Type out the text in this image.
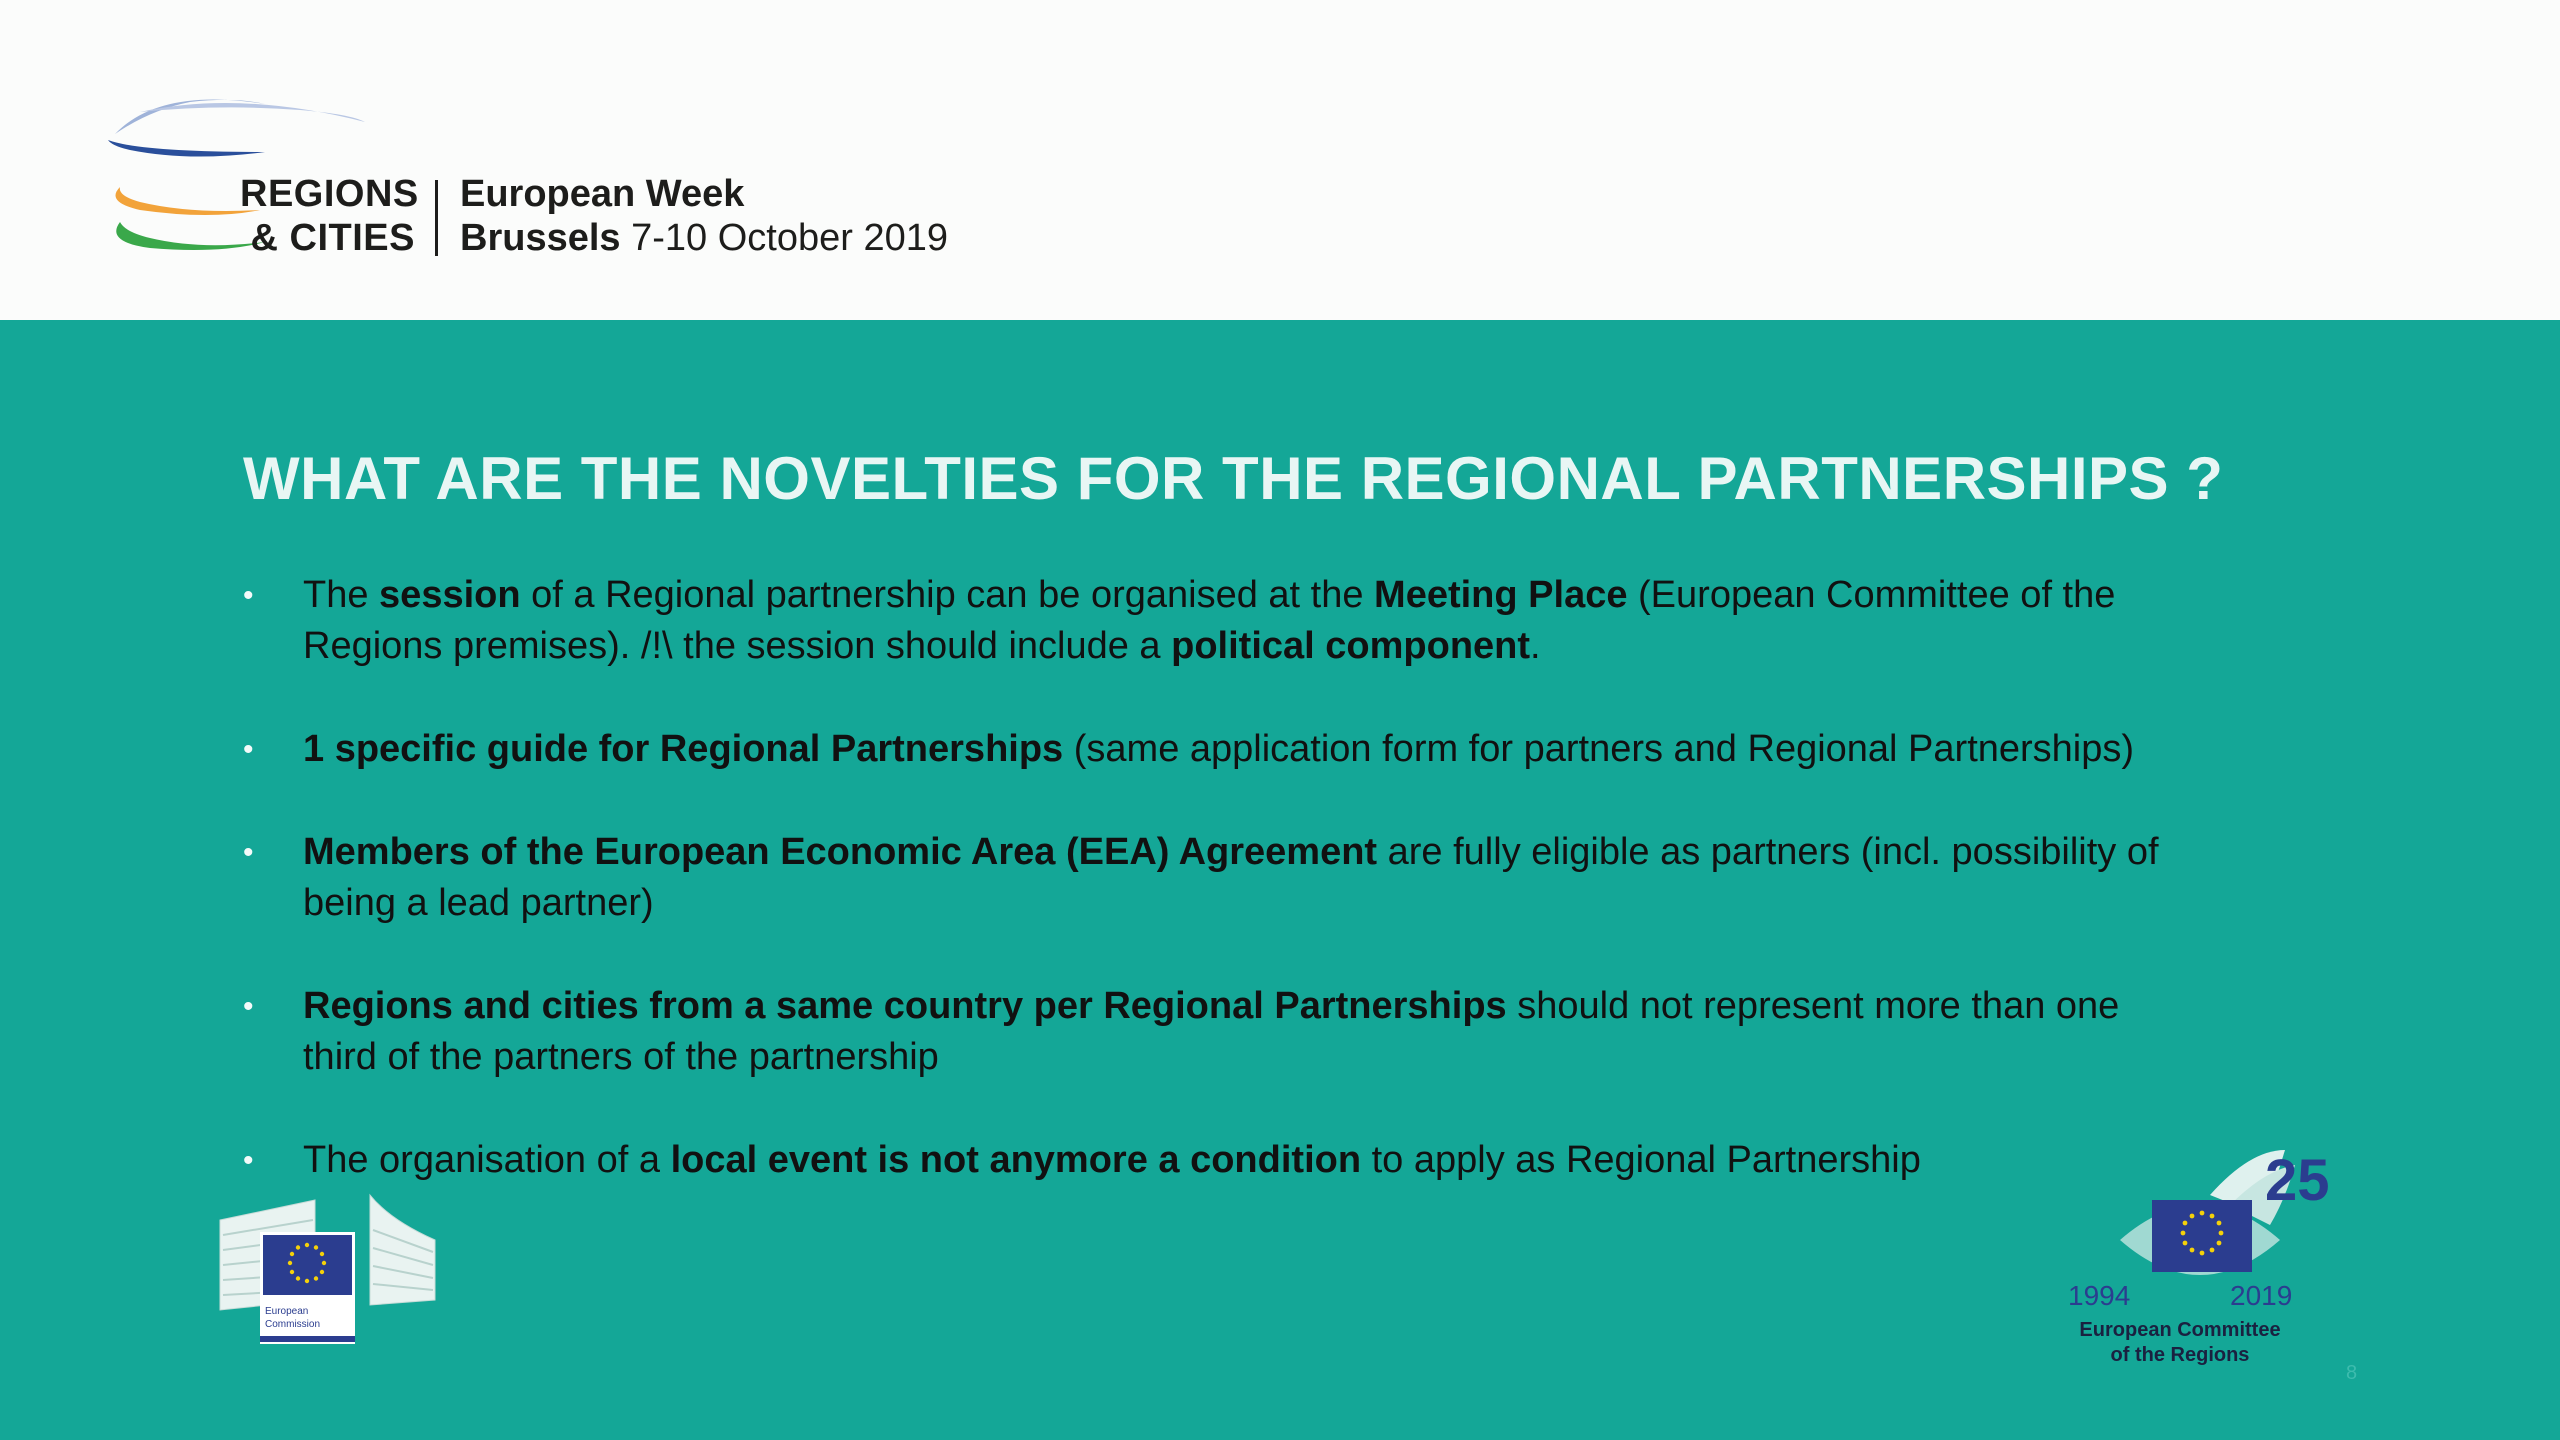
REGIONS
& CITIES
European Week
Brussels 7-10 October 2019
WHAT ARE THE NOVELTIES FOR THE REGIONAL PARTNERSHIPS ?
• The session of a Regional partnership can be organised at the Meeting Place (European Committee of the Regions premises). /!\ the session should include a political component.
• 1 specific guide for Regional Partnerships (same application form for partners and Regional Partnerships)
• Members of the European Economic Area (EEA) Agreement are fully eligible as partners (incl. possibility of being a lead partner)
• Regions and cities from a same country per Regional Partnerships should not represent more than one third of the partners of the partnership
• The organisation of a local event is not anymore a condition to apply as Regional Partnership
European
Commission
25
1994	2019
European Committee
of the Regions
8
